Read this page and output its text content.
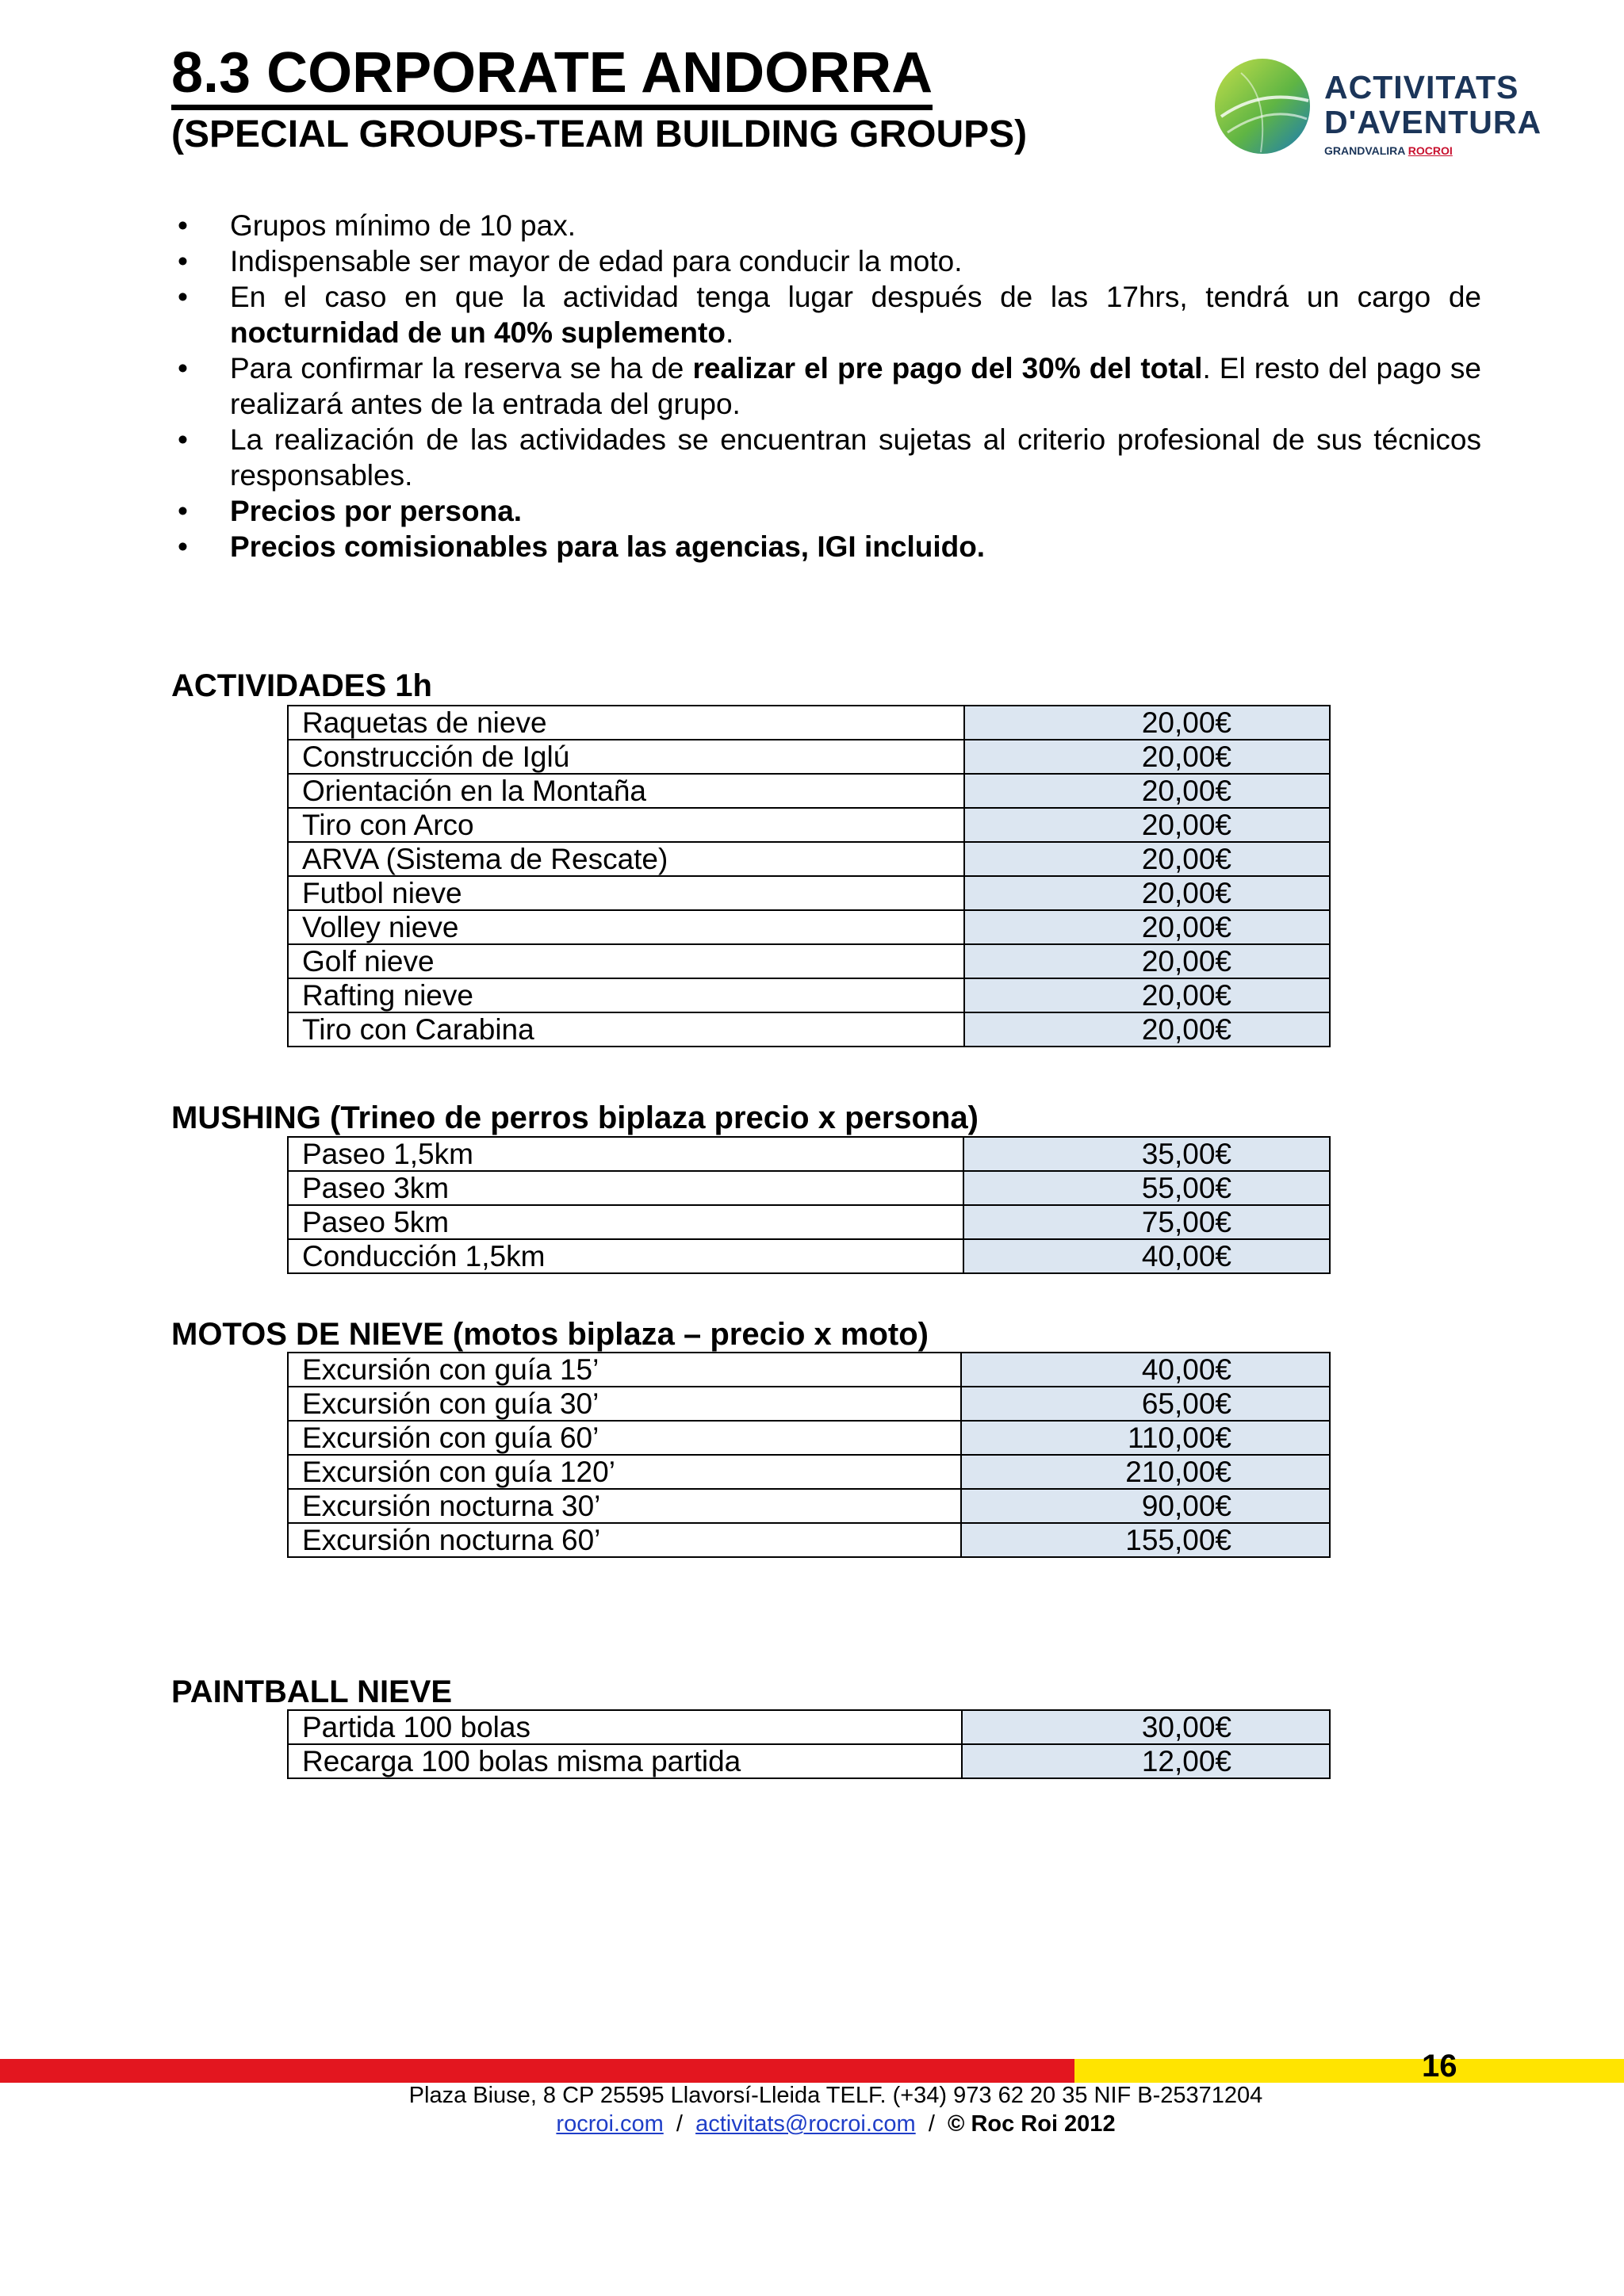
8.3 CORPORATE ANDORRA
(SPECIAL GROUPS-TEAM BUILDING GROUPS)
ACTIVITATS
D'AVENTURA
GRANDVALIRA ROCROI
• Grupos mínimo de 10 pax.
• Indispensable ser mayor de edad para conducir la moto.
• En el caso en que la actividad tenga lugar después de las 17hrs, tendrá un cargo de nocturnidad de un 40% suplemento.
• Para confirmar la reserva se ha de realizar el pre pago del 30% del total. El resto del pago se realizará antes de la entrada del grupo.
• La realización de las actividades se encuentran sujetas al criterio profesional de sus técnicos responsables.
• Precios por persona.
• Precios comisionables para las agencias, IGI incluido.
ACTIVIDADES 1h
Raquetas de nieve	20,00€
Construcción de Iglú	20,00€
Orientación en la Montaña	20,00€
Tiro con Arco	20,00€
ARVA (Sistema de Rescate)	20,00€
Futbol nieve	20,00€
Volley nieve	20,00€
Golf nieve	20,00€
Rafting nieve	20,00€
Tiro con Carabina	20,00€
MUSHING (Trineo de perros biplaza precio x persona)
Paseo 1,5km	35,00€
Paseo 3km	55,00€
Paseo 5km	75,00€
Conducción 1,5km	40,00€
MOTOS DE NIEVE (motos biplaza – precio x moto)
Excursión con guía 15’	40,00€
Excursión con guía 30’	65,00€
Excursión con guía 60’	110,00€
Excursión con guía 120’	210,00€
Excursión nocturna 30’	90,00€
Excursión nocturna 60’	155,00€
PAINTBALL NIEVE
Partida 100 bolas	30,00€
Recarga 100 bolas misma partida	12,00€
16
Plaza Biuse, 8 CP 25595 Llavorsí-Lleida TELF. (+34) 973 62 20 35 NIF B-25371204
rocroi.com / activitats@rocroi.com / © Roc Roi 2012
